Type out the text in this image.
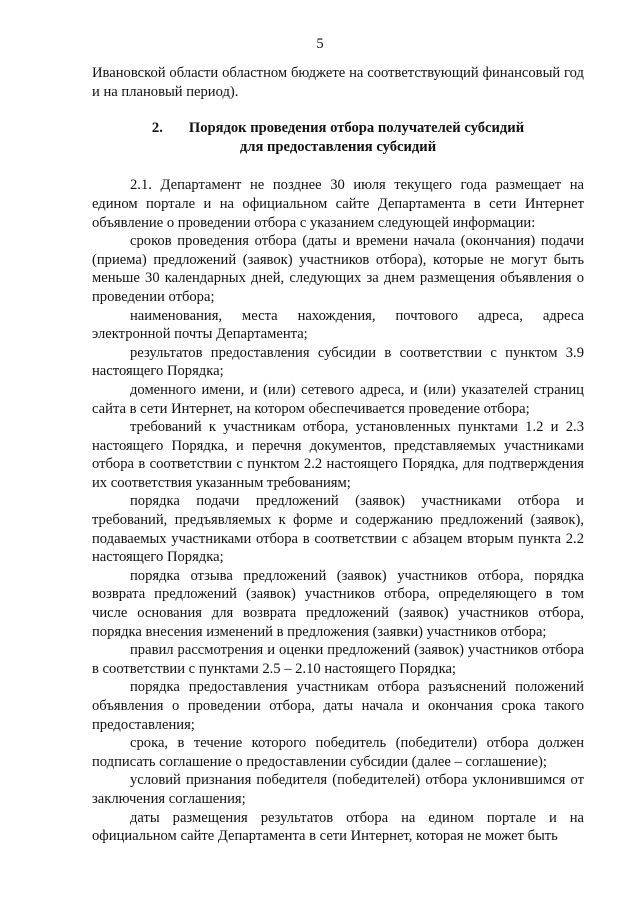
5

Ивановской области областном бюджете на соответствующий финансовый год и на плановый период).

2. Порядок проведения отбора получателей субсидий
для предоставления субсидий

2.1. Департамент не позднее 30 июля текущего года размещает на едином портале и на официальном сайте Департамента в сети Интернет объявление о проведении отбора с указанием следующей информации:

сроков проведения отбора (даты и времени начала (окончания) подачи (приема) предложений (заявок) участников отбора), которые не могут быть меньше 30 календарных дней, следующих за днем размещения объявления о проведении отбора;

наименования, места нахождения, почтового адреса, адреса электронной почты Департамента;

результатов предоставления субсидии в соответствии с пунктом 3.9 настоящего Порядка;

доменного имени, и (или) сетевого адреса, и (или) указателей страниц сайта в сети Интернет, на котором обеспечивается проведение отбора;

требований к участникам отбора, установленных пунктами 1.2 и 2.3 настоящего Порядка, и перечня документов, представляемых участниками отбора в соответствии с пунктом 2.2 настоящего Порядка, для подтверждения их соответствия указанным требованиям;

порядка подачи предложений (заявок) участниками отбора и требований, предъявляемых к форме и содержанию предложений (заявок), подаваемых участниками отбора в соответствии с абзацем вторым пункта 2.2 настоящего Порядка;

порядка отзыва предложений (заявок) участников отбора, порядка возврата предложений (заявок) участников отбора, определяющего в том числе основания для возврата предложений (заявок) участников отбора, порядка внесения изменений в предложения (заявки) участников отбора;

правил рассмотрения и оценки предложений (заявок) участников отбора в соответствии с пунктами 2.5 – 2.10 настоящего Порядка;

порядка предоставления участникам отбора разъяснений положений объявления о проведении отбора, даты начала и окончания срока такого предоставления;

срока, в течение которого победитель (победители) отбора должен подписать соглашение о предоставлении субсидии (далее – соглашение);

условий признания победителя (победителей) отбора уклонившимся от заключения соглашения;

даты размещения результатов отбора на едином портале и на официальном сайте Департамента в сети Интернет, которая не может быть
